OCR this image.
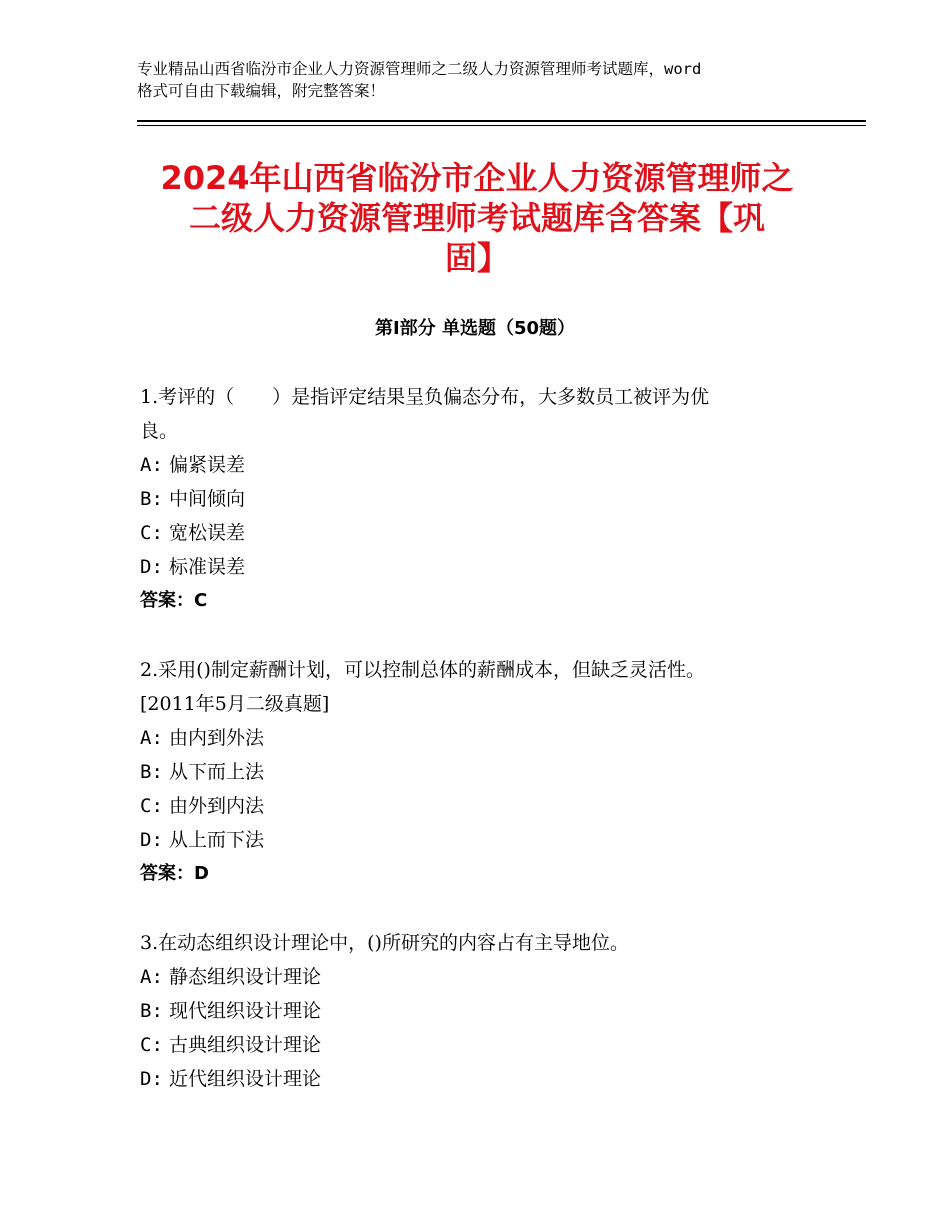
专业精品山西省临汾市企业人力资源管理师之二级人力资源管理师考试题库，word
格式可自由下载编辑，附完整答案！
2024年山西省临汾市企业人力资源管理师之
二级人力资源管理师考试题库含答案【巩
固】
第Ⅰ部分 单选题（50题）
1.考评的（　　）是指评定结果呈负偏态分布，大多数员工被评为优
良。
A: 偏紧误差
B: 中间倾向
C: 宽松误差
D: 标准误差
答案：C
2.采用()制定薪酬计划，可以控制总体的薪酬成本，但缺乏灵活性。
[2011年5月二级真题]
A: 由内到外法
B: 从下而上法
C: 由外到内法
D: 从上而下法
答案：D
3.在动态组织设计理论中，()所研究的内容占有主导地位。
A: 静态组织设计理论
B: 现代组织设计理论
C: 古典组织设计理论
D: 近代组织设计理论
